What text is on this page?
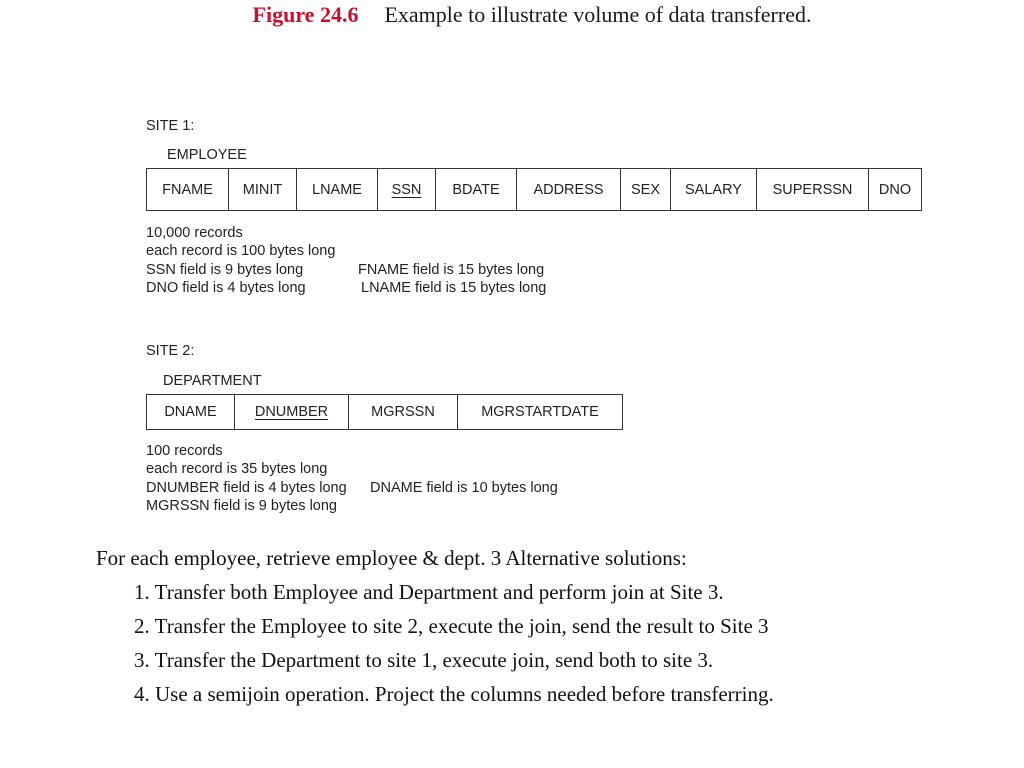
Figure 24.6 Example to illustrate volume of data transferred.
SITE 1:
EMPLOYEE
FNAME	MINIT	LNAME	SSN	BDATE	ADDRESS	SEX	SALARY	SUPERSSN	DNO
10,000 records
each record is 100 bytes long
SSN field is 9 bytes long	FNAME field is 15 bytes long
DNO field is 4 bytes long	LNAME field is 15 bytes long
SITE 2:
DEPARTMENT
DNAME	DNUMBER	MGRSSN	MGRSTARTDATE
100 records
each record is 35 bytes long
DNUMBER field is 4 bytes long DNAME field is 10 bytes long
MGRSSN field is 9 bytes long
For each employee, retrieve employee & dept. 3 Alternative solutions:
1. Transfer both Employee and Department and perform join at Site 3.
2. Transfer the Employee to site 2, execute the join, send the result to Site 3
3. Transfer the Department to site 1, execute join, send both to site 3.
4. Use a semijoin operation. Project the columns needed before transferring.
